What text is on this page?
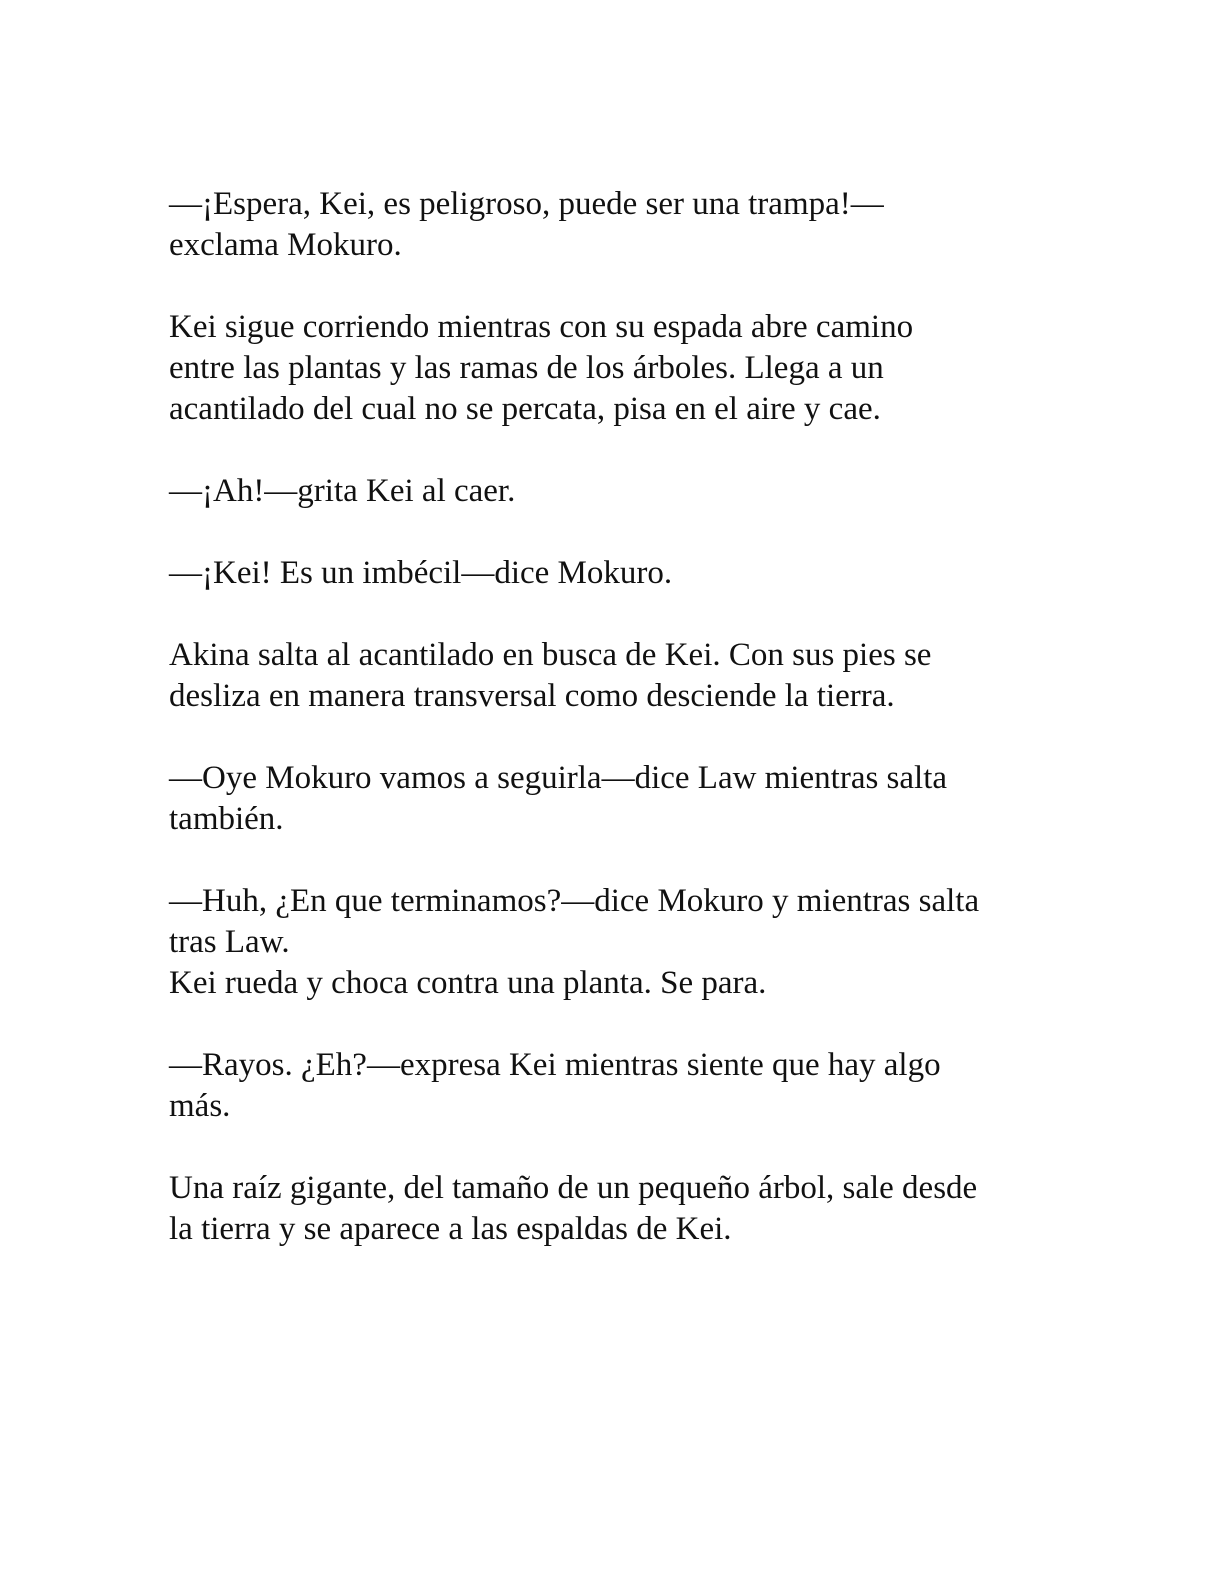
—¡Espera, Kei, es peligroso, puede ser una trampa!—
exclama Mokuro.

Kei sigue corriendo mientras con su espada abre camino
entre las plantas y las ramas de los árboles. Llega a un
acantilado del cual no se percata, pisa en el aire y cae.

—¡Ah!—grita Kei al caer.

—¡Kei! Es un imbécil—dice Mokuro.

Akina salta al acantilado en busca de Kei. Con sus pies se
desliza en manera transversal como desciende la tierra.

—Oye Mokuro vamos a seguirla—dice Law mientras salta
también.

—Huh, ¿En que terminamos?—dice Mokuro y mientras salta
tras Law.

Kei rueda y choca contra una planta. Se para.

—Rayos. ¿Eh?—expresa Kei mientras siente que hay algo
más.

Una raíz gigante, del tamaño de un pequeño árbol, sale desde
la tierra y se aparece a las espaldas de Kei.
